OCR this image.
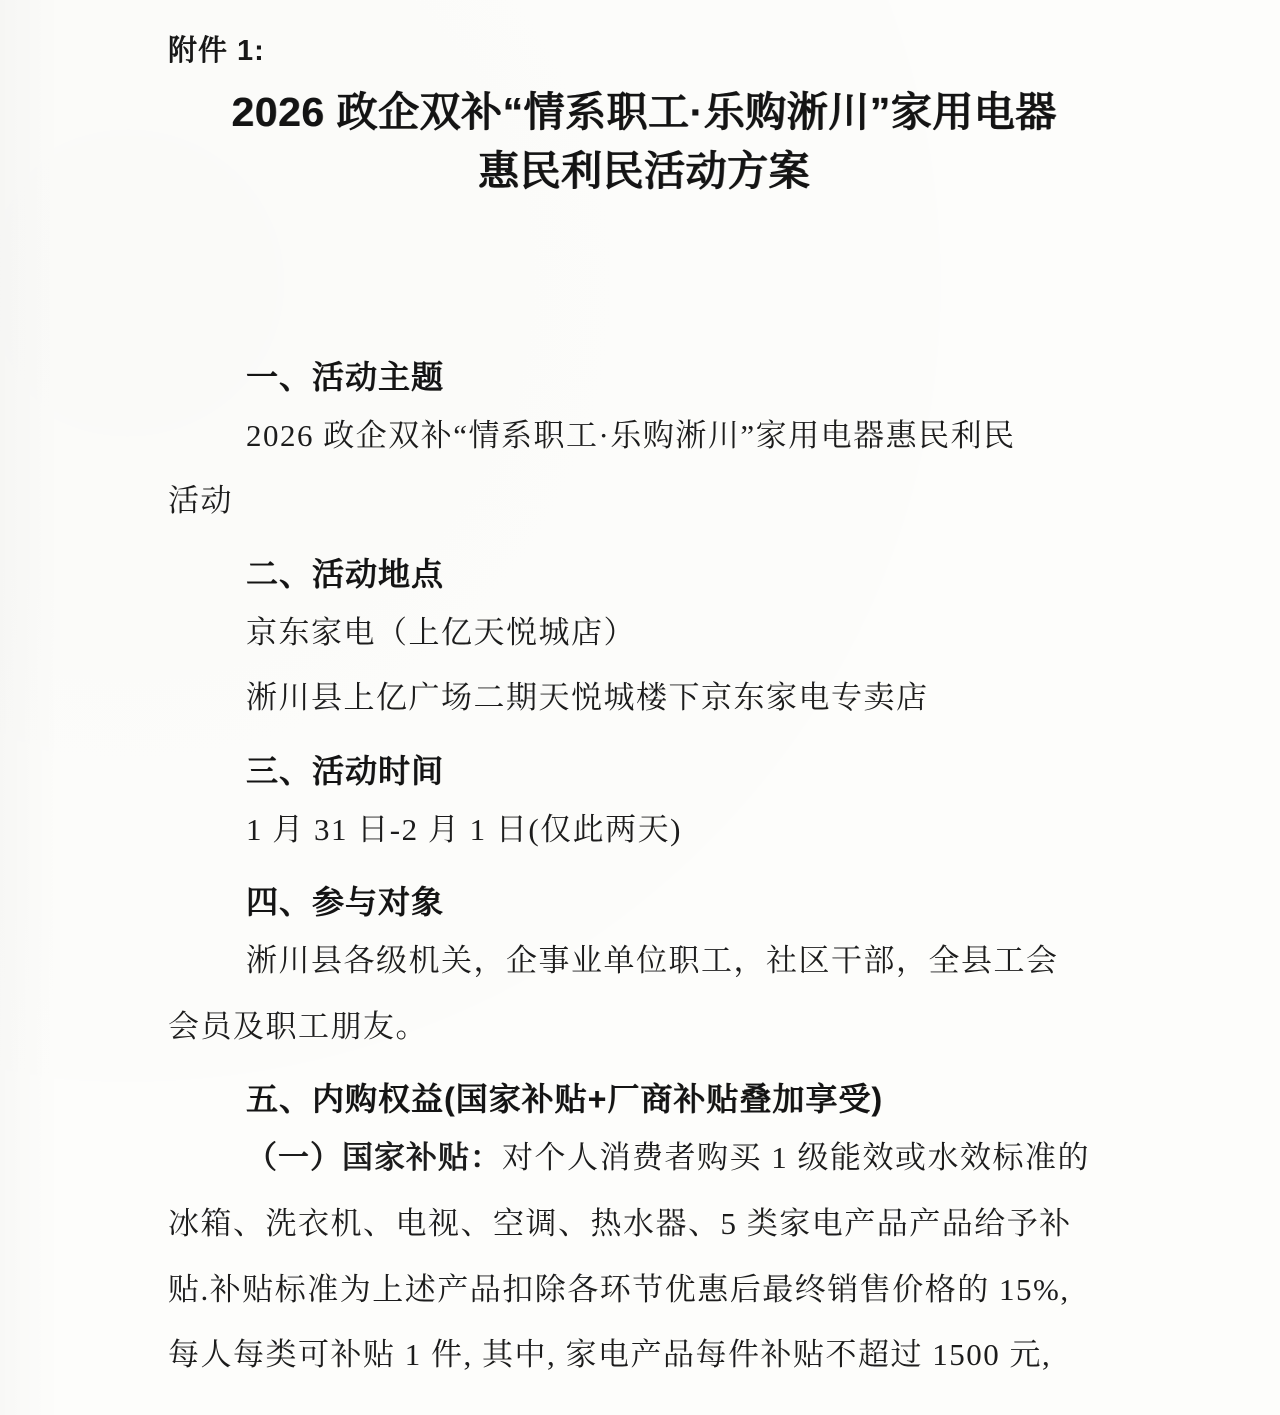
附件 1:

2026 政企双补“情系职工·乐购淅川”家用电器
惠民利民活动方案
一、活动主题

2026 政企双补“情系职工·乐购淅川”家用电器惠民利民

活动

二、活动地点

京东家电（上亿天悦城店）

淅川县上亿广场二期天悦城楼下京东家电专卖店

三、活动时间

1 月 31 日-2 月 1 日(仅此两天)

四、参与对象

淅川县各级机关，企事业单位职工，社区干部，全县工会

会员及职工朋友。

五、内购权益(国家补贴+厂商补贴叠加享受)

（一）国家补贴：对个人消费者购买 1 级能效或水效标准的

冰箱、洗衣机、电视、空调、热水器、5 类家电产品产品给予补

贴.补贴标准为上述产品扣除各环节优惠后最终销售价格的 15%,

每人每类可补贴 1 件, 其中, 家电产品每件补贴不超过 1500 元,
